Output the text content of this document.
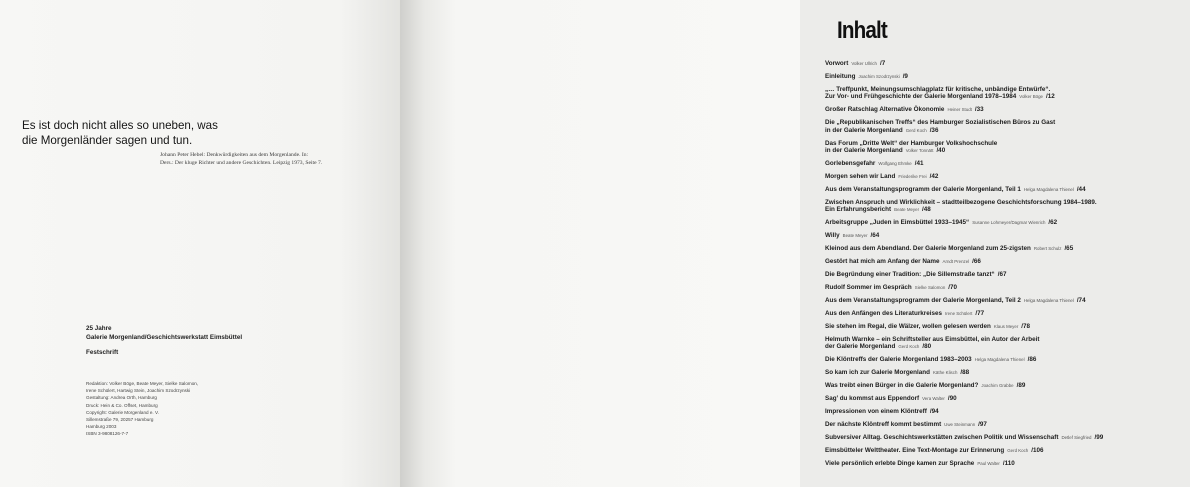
Es ist doch nicht alles so uneben, was
die Morgenländer sagen und tun.
Johann Peter Hebel: Denkwürdigkeiten aus dem Morgenlande. In:
Ders.: Der kluge Richter und andere Geschichten. Leipzig 1973, Seite 7.
25 Jahre
Galerie Morgenland/Geschichtswerkstatt Eimsbüttel
Festschrift
Redaktion: Volker Böge, Beate Meyer, Sielke Salomon,
Irene Schülert, Hartwig Stein, Joachim Szodrzynski
Gestaltung: Andrea Orth, Hamburg
Druck: Hein & Co. Offset, Hamburg
Copyright: Galerie Morgenland e. V.
Sillemstraße 79, 20257 Hamburg
Hamburg 2003
ISBN 3-9808126-7-7
Inhalt
Vorwort Volker Ullrich /7
Einleitung Joachim Szodrzynski /9
„… Treffpunkt, Meinungsumschlagplatz für kritische, unbändige Entwürfe“.
Zur Vor- und Frühgeschichte der Galerie Morgenland 1978–1984 Volker Böge /12
Großer Ratschlag Alternative Ökonomie Heiner Studt /33
Die „Republikanischen Treffs“ des Hamburger Sozialistischen Büros zu Gast
in der Galerie Morgenland Gerd Koch /36
Das Forum „Dritte Welt“ der Hamburger Volkshochschule
in der Galerie Morgenland Volker Tonnätt /40
Gorlebensgefahr Wolfgang Ehmke /41
Morgen sehen wir Land Friederike Frei /42
Aus dem Veranstaltungsprogramm der Galerie Morgenland, Teil 1 Helga Magdalena Thienel /44
Zwischen Anspruch und Wirklichkeit – stadtteilbezogene Geschichtsforschung 1984–1989.
Ein Erfahrungsbericht Beate Meyer /48
Arbeitsgruppe „Juden in Eimsbüttel 1933–1945“ Susanne Lohmeyer/Dagmar Wienrich /62
Willy Beate Meyer /64
Kleinod aus dem Abendland. Der Galerie Morgenland zum 25-zigsten Robert Schulz /65
Gestört hat mich am Anfang der Name Arndt Prenzel /66
Die Begründung einer Tradition: „Die Sillemstraße tanzt“ /67
Rudolf Sommer im Gespräch Sielke Salomon /70
Aus dem Veranstaltungsprogramm der Galerie Morgenland, Teil 2 Helga Magdalena Thienel /74
Aus den Anfängen des Literaturkreises Irene Schülert /77
Sie stehen im Regal, die Wälzer, wollen gelesen werden Klaus Meyer /78
Helmuth Warnke – ein Schriftsteller aus Eimsbüttel, ein Autor der Arbeit
der Galerie Morgenland Gerd Koch /80
Die Klöntreffs der Galerie Morgenland 1983–2003 Helga Magdalena Thienel /86
So kam ich zur Galerie Morgenland Käthe Klisch /88
Was treibt einen Bürger in die Galerie Morgenland? Joachim Grabbe /89
Sag’ du kommst aus Eppendorf Vera Walter /90
Impressionen von einem Klöntreff /94
Der nächste Klöntreff kommt bestimmt Uwe Steinmann /97
Subversiver Alltag. Geschichtswerkstätten zwischen Politik und Wissenschaft Detlef Siegfried /99
Eimsbütteler Welttheater. Eine Text-Montage zur Erinnerung Gerd Koch /106
Viele persönlich erlebte Dinge kamen zur Sprache Paul Walter /110
